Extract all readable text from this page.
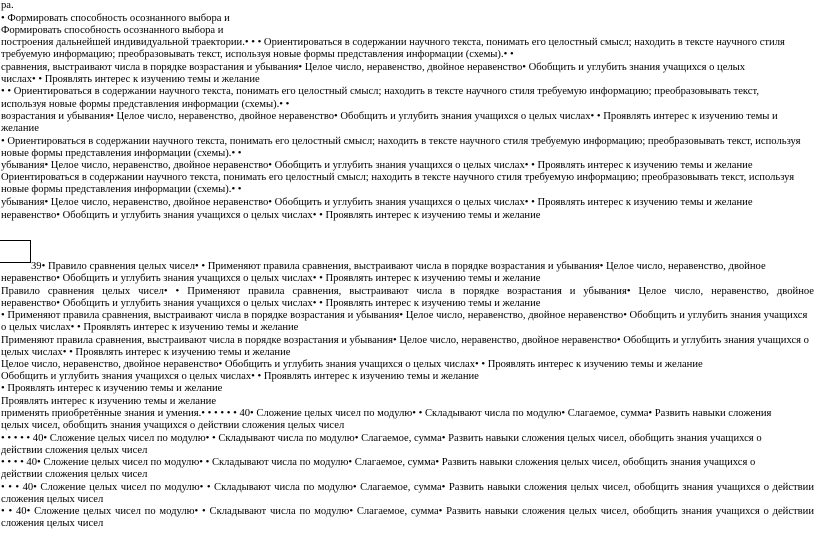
ра.
• Формировать способность осознанного выбора и
Формировать способность осознанного выбора и
построения дальнейшей индивидуальной траектории.• • • Ориентироваться в содержании научного текста, понимать его целостный смысл; находить в тексте научного стиля
требуемую информацию; преобразовывать текст, используя новые формы представления информации (схемы).• •
сравнения, выстраивают числа в порядке возрастания и убывания• Целое число, неравенство, двойное неравенство• Обобщить и углубить знания учащихся о целых
числах• • Проявлять интерес к изучению темы и желание
• • Ориентироваться в содержании научного текста, понимать его целостный смысл; находить в тексте научного стиля требуемую информацию; преобразовывать текст,
используя новые формы представления информации (схемы).• •
возрастания и убывания• Целое число, неравенство, двойное неравенство• Обобщить и углубить знания учащихся о целых числах• • Проявлять интерес к изучению темы и
желание
• Ориентироваться в содержании научного текста, понимать его целостный смысл; находить в тексте научного стиля требуемую информацию; преобразовывать текст, используя
новые формы представления информации (схемы).• •
убывания• Целое число, неравенство, двойное неравенство• Обобщить и углубить знания учащихся о целых числах• • Проявлять интерес к изучению темы и желание
Ориентироваться в содержании научного текста, понимать его целостный смысл; находить в тексте научного стиля требуемую информацию; преобразовывать текст, используя
новые формы представления информации (схемы).• •
убывания• Целое число, неравенство, двойное неравенство• Обобщить и углубить знания учащихся о целых числах• • Проявлять интерес к изучению темы и желание
неравенство• Обобщить и углубить знания учащихся о целых числах• • Проявлять интерес к изучению темы и желание
39• Правило сравнения целых чисел• • Применяют правила сравнения, выстраивают числа в порядке возрастания и убывания• Целое число, неравенство, двойное
неравенство• Обобщить и углубить знания учащихся о целых числах• • Проявлять интерес к изучению темы и желание
Правило сравнения целых чисел• • Применяют правила сравнения, выстраивают числа в порядке возрастания и убывания• Целое число, неравенство, двойное
неравенство• Обобщить и углубить знания учащихся о целых числах• • Проявлять интерес к изучению темы и желание
• Применяют правила сравнения, выстраивают числа в порядке возрастания и убывания• Целое число, неравенство, двойное неравенство• Обобщить и углубить знания учащихся
о целых числах• • Проявлять интерес к изучению темы и желание
Применяют правила сравнения, выстраивают числа в порядке возрастания и убывания• Целое число, неравенство, двойное неравенство• Обобщить и углубить знания учащихся о
целых числах• • Проявлять интерес к изучению темы и желание
Целое число, неравенство, двойное неравенство• Обобщить и углубить знания учащихся о целых числах• • Проявлять интерес к изучению темы и желание
Обобщить и углубить знания учащихся о целых числах• • Проявлять интерес к изучению темы и желание
• Проявлять интерес к изучению темы и желание
Проявлять интерес к изучению темы и желание
применять приобретённые знания и умения.• • • • • • 40• Сложение целых чисел по модулю• • Складывают числа по модулю• Слагаемое, сумма• Развить навыки сложения
целых чисел, обобщить знания учащихся о действии сложения целых чисел
• • • • • 40• Сложение целых чисел по модулю• • Складывают числа по модулю• Слагаемое, сумма• Развить навыки сложения целых чисел, обобщить знания учащихся о
действии сложения целых чисел
• • • • 40• Сложение целых чисел по модулю• • Складывают числа по модулю• Слагаемое, сумма• Развить навыки сложения целых чисел, обобщить знания учащихся о
действии сложения целых чисел
• • • 40• Сложение целых чисел по модулю• • Складывают числа по модулю• Слагаемое, сумма• Развить навыки сложения целых чисел, обобщить знания учащихся о действии
сложения целых чисел
• • 40• Сложение целых чисел по модулю• • Складывают числа по модулю• Слагаемое, сумма• Развить навыки сложения целых чисел, обобщить знания учащихся о действии
сложения целых чисел
